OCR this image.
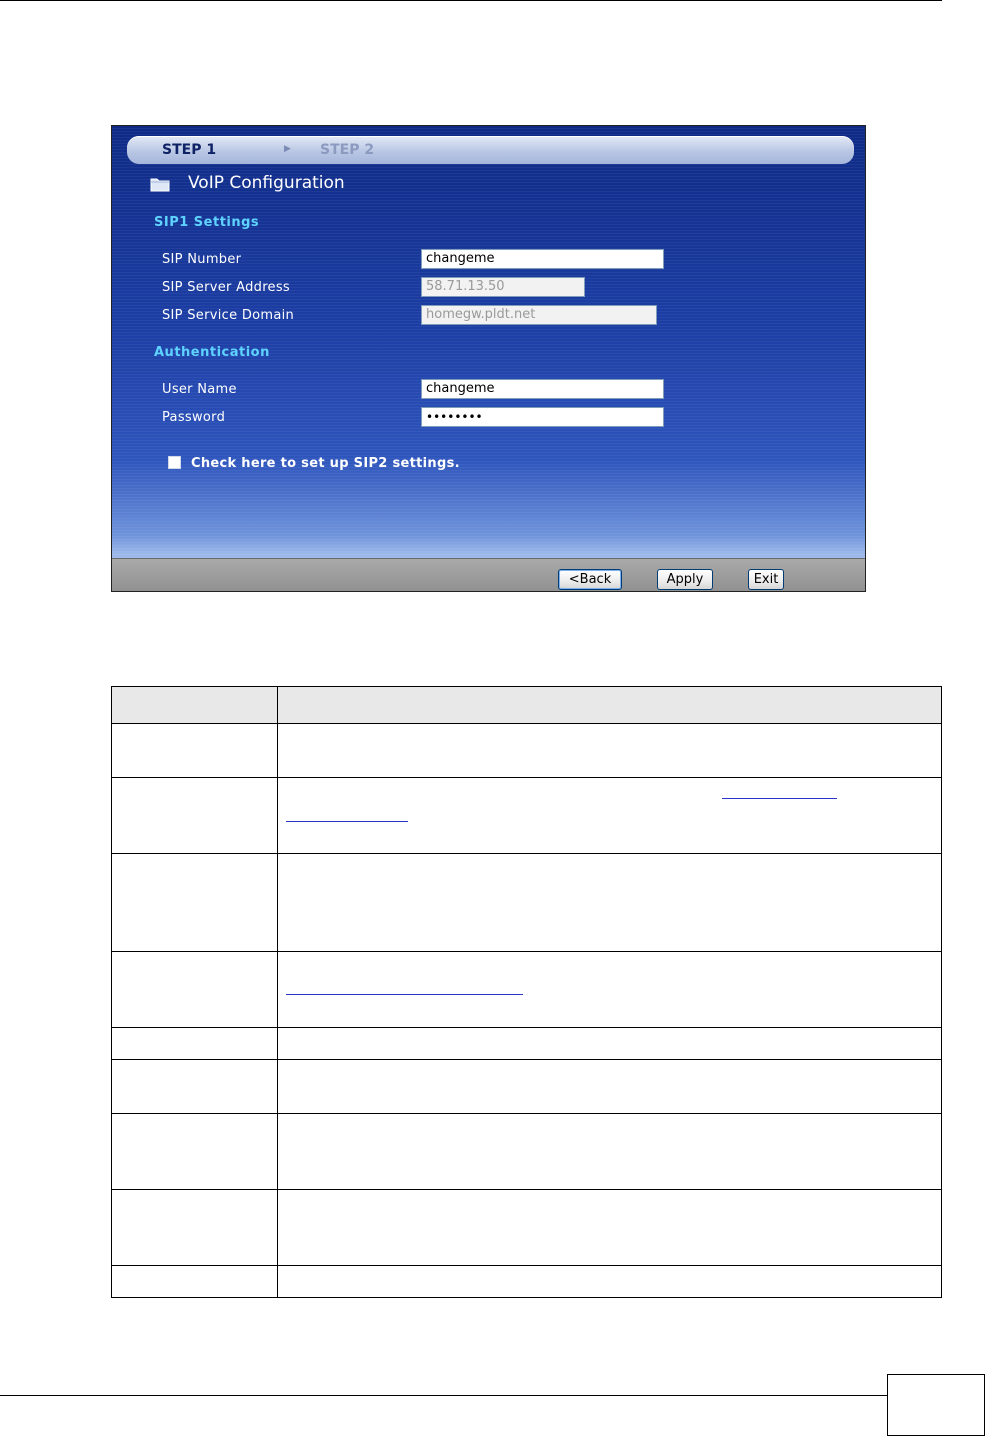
STEP 1	▶ STEP 2
VoIP Configuration
SIP1 Settings
SIP Number	changeme
SIP Server Address	58.71.13.50
SIP Service Domain	homegw.pldt.net
Authentication
User Name	changeme
Password	••••••••
Check here to set up SIP2 settings.
<Back	Apply	Exit
